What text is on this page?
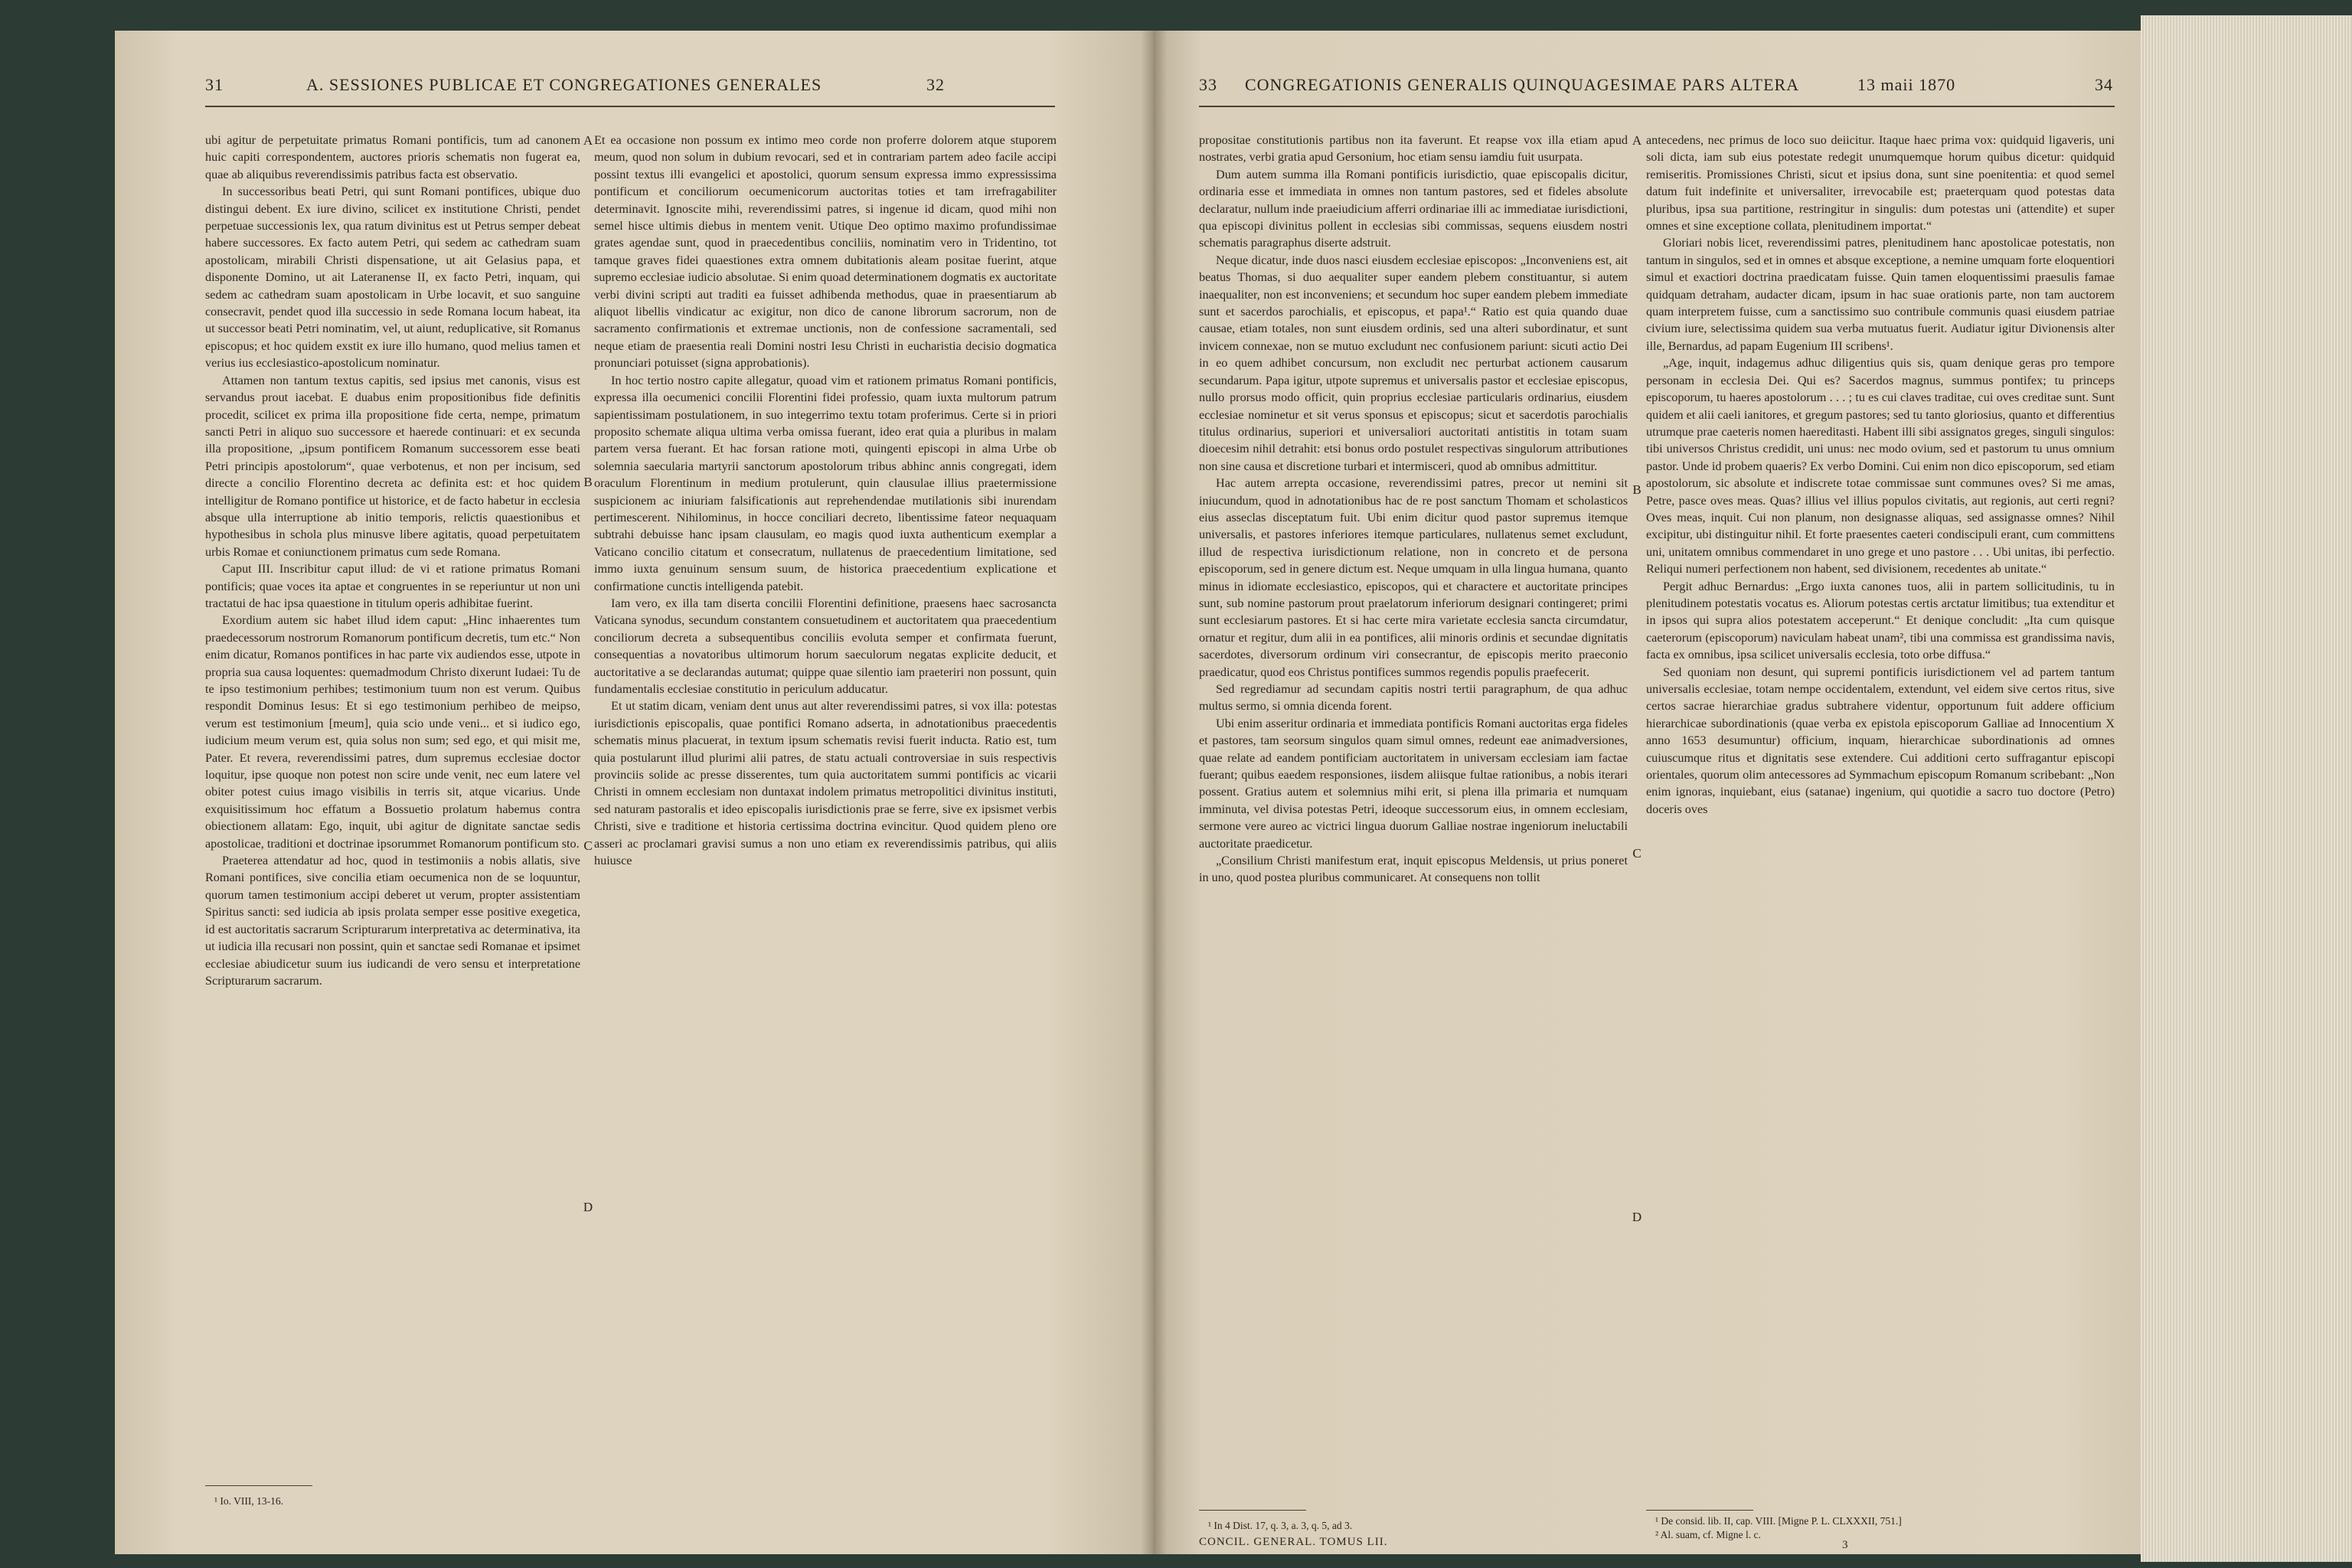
31	A. SESSIONES PUBLICAE ET CONGREGATIONES GENERALES	32

ubi agitur de perpetuitate primatus Romani pontificis, tum ad canonem huic capiti correspondentem, auctores prioris schematis non fugerat ea, quae ab aliquibus reverendissimis patribus facta est observatio.

In successoribus beati Petri, qui sunt Romani pontifices, ubique duo distingui debent. Ex iure divino, scilicet ex institutione Christi, pendet perpetuae successionis lex, qua ratum divinitus est ut Petrus semper debeat habere successores. Ex facto autem Petri, qui sedem ac cathedram suam apostolicam, mirabili Christi dispensatione, ut ait Gelasius papa, et disponente Domino, ut ait Lateranense II, ex facto Petri, inquam, qui sedem ac cathedram suam apostolicam in Urbe locavit, et suo sanguine consecravit, pendet quod illa successio in sede Romana locum habeat, ita ut successor beati Petri nominatim, vel, ut aiunt, reduplicative, sit Romanus episcopus; et hoc quidem exstit ex iure illo humano, quod melius tamen et verius ius ecclesiastico-apostolicum nominatur.

Attamen non tantum textus capitis, sed ipsius met canonis, visus est servandus prout iacebat. E duabus enim propositionibus fide definitis procedit, scilicet ex prima illa propositione fide certa, nempe, primatum sancti Petri in aliquo suo successore et haerede continuari: et ex secunda illa propositione, „ipsum pontificem Romanum successorem esse beati Petri principis apostolorum“, quae verbotenus, et non per incisum, sed directe a concilio Florentino decreta ac definita est: et hoc quidem intelligitur de Romano pontifice ut historice, et de facto habetur in ecclesia absque ulla interruptione ab initio temporis, relictis quaestionibus et hypothesibus in schola plus minusve libere agitatis, quoad perpetuitatem urbis Romae et coniunctionem primatus cum sede Romana.

Caput III. Inscribitur caput illud: de vi et ratione primatus Romani pontificis; quae voces ita aptae et congruentes in se reperiuntur ut non uni tractatui de hac ipsa quaestione in titulum operis adhibitae fuerint.

Exordium autem sic habet illud idem caput: „Hinc inhaerentes tum praedecessorum nostrorum Romanorum pontificum decretis, tum etc.“ Non enim dicatur, Romanos pontifices in hac parte vix audiendos esse, utpote in propria sua causa loquentes: quemadmodum Christo dixerunt Iudaei: Tu de te ipso testimonium perhibes; testimonium tuum non est verum. Quibus respondit Dominus Iesus: Et si ego testimonium perhibeo de meipso, verum est testimonium [meum], quia scio unde veni... et si iudico ego, iudicium meum verum est, quia solus non sum; sed ego, et qui misit me, Pater. Et revera, reverendissimi patres, dum supremus ecclesiae doctor loquitur, ipse quoque non potest non scire unde venit, nec eum latere vel obiter potest cuius imago visibilis in terris sit, atque vicarius. Unde exquisitissimum hoc effatum a Bossuetio prolatum habemus contra obiectionem allatam: Ego, inquit, ubi agitur de dignitate sanctae sedis apostolicae, traditioni et doctrinae ipsorummet Romanorum pontificum sto.

Praeterea attendatur ad hoc, quod in testimoniis a nobis allatis, sive Romani pontifices, sive concilia etiam oecumenica non de se loquuntur, quorum tamen testimonium accipi deberet ut verum, propter assistentiam Spiritus sancti: sed iudicia ab ipsis prolata semper esse positive exegetica, id est auctoritatis sacrarum Scripturarum interpretativa ac determinativa, ita ut iudicia illa recusari non possint, quin et sanctae sedi Romanae et ipsimet ecclesiae abiudicetur suum ius iudicandi de vero sensu et interpretatione Scripturarum sacrarum.

Et ea occasione non possum ex intimo meo corde non proferre dolorem atque stuporem meum, quod non solum in dubium revocari, sed et in contrariam partem adeo facile accipi possint textus illi evangelici et apostolici, quorum sensum expressa immo expressissima pontificum et conciliorum oecumenicorum auctoritas toties et tam irrefragabiliter determinavit. Ignoscite mihi, reverendissimi patres, si ingenue id dicam, quod mihi non semel hisce ultimis diebus in mentem venit. Utique Deo optimo maximo profundissimae grates agendae sunt, quod in praecedentibus conciliis, nominatim vero in Tridentino, tot tamque graves fidei quaestiones extra omnem dubitationis aleam positae fuerint, atque supremo ecclesiae iudicio absolutae. Si enim quoad determinationem dogmatis ex auctoritate verbi divini scripti aut traditi ea fuisset adhibenda methodus, quae in praesentiarum ab aliquot libellis vindicatur ac exigitur, non dico de canone librorum sacrorum, non de sacramento confirmationis et extremae unctionis, non de confessione sacramentali, sed neque etiam de praesentia reali Domini nostri Iesu Christi in eucharistia decisio dogmatica pronunciari potuisset (signa approbationis).

In hoc tertio nostro capite allegatur, quoad vim et rationem primatus Romani pontificis, expressa illa oecumenici concilii Florentini fidei professio, quam iuxta multorum patrum sapientissimam postulationem, in suo integerrimo textu totam proferimus. Certe si in priori proposito schemate aliqua ultima verba omissa fuerant, ideo erat quia a pluribus in malam partem versa fuerant. Et hac forsan ratione moti, quingenti episcopi in alma Urbe ob solemnia saecularia martyrii sanctorum apostolorum tribus abhinc annis congregati, idem oraculum Florentinum in medium protulerunt, quin clausulae illius praetermissione suspicionem ac iniuriam falsificationis aut reprehendendae mutilationis sibi inurendam pertimescerent. Nihilominus, in hocce conciliari decreto, libentissime fateor nequaquam subtrahi debuisse hanc ipsam clausulam, eo magis quod iuxta authenticum exemplar a Vaticano concilio citatum et consecratum, nullatenus de praecedentium limitatione, sed immo iuxta genuinum sensum suum, de historica praecedentium explicatione et confirmatione cunctis intelligenda patebit.

Iam vero, ex illa tam diserta concilii Florentini definitione, praesens haec sacrosancta Vaticana synodus, secundum constantem consuetudinem et auctoritatem qua praecedentium conciliorum decreta a subsequentibus conciliis evoluta semper et confirmata fuerunt, consequentias a novatoribus ultimorum horum saeculorum negatas explicite deducit, et auctoritative a se declarandas autumat; quippe quae silentio iam praeteriri non possunt, quin fundamentalis ecclesiae constitutio in periculum adducatur.

Et ut statim dicam, veniam dent unus aut alter reverendissimi patres, si vox illa: potestas iurisdictionis episcopalis, quae pontifici Romano adserta, in adnotationibus praecedentis schematis minus placuerat, in textum ipsum schematis revisi fuerit inducta. Ratio est, tum quia postularunt illud plurimi alii patres, de statu actuali controversiae in suis respectivis provinciis solide ac presse disserentes, tum quia auctoritatem summi pontificis ac vicarii Christi in omnem ecclesiam non duntaxat indolem primatus metropolitici divinitus instituti, sed naturam pastoralis et ideo episcopalis iurisdictionis prae se ferre, sive ex ipsismet verbis Christi, sive e traditione et historia certissima doctrina evincitur. Quod quidem pleno ore asseri ac proclamari gravisi sumus a non uno etiam ex reverendissimis patribus, qui aliis huiusce

A
B
C
D
¹ Io. VIII, 13-16.
33 CONGREGATIONIS GENERALIS QUINQUAGESIMAE PARS ALTERA	13 maii 1870	34

propositae constitutionis partibus non ita faverunt. Et reapse vox illa etiam apud nostrates, verbi gratia apud Gersonium, hoc etiam sensu iamdiu fuit usurpata.

Dum autem summa illa Romani pontificis iurisdictio, quae episcopalis dicitur, ordinaria esse et immediata in omnes non tantum pastores, sed et fideles absolute declaratur, nullum inde praeiudicium afferri ordinariae illi ac immediatae iurisdictioni, qua episcopi divinitus pollent in ecclesias sibi commissas, sequens eiusdem nostri schematis paragraphus diserte adstruit.

Neque dicatur, inde duos nasci eiusdem ecclesiae episcopos: „Inconveniens est, ait beatus Thomas, si duo aequaliter super eandem plebem constituantur, si autem inaequaliter, non est inconveniens; et secundum hoc super eandem plebem immediate sunt et sacerdos parochialis, et episcopus, et papa¹.“ Ratio est quia quando duae causae, etiam totales, non sunt eiusdem ordinis, sed una alteri subordinatur, et sunt invicem connexae, non se mutuo excludunt nec confusionem pariunt: sicuti actio Dei in eo quem adhibet concursum, non excludit nec perturbat actionem causarum secundarum. Papa igitur, utpote supremus et universalis pastor et ecclesiae episcopus, nullo prorsus modo officit, quin proprius ecclesiae particularis ordinarius, eiusdem ecclesiae nominetur et sit verus sponsus et episcopus; sicut et sacerdotis parochialis titulus ordinarius, superiori et universaliori auctoritati antistitis in totam suam dioecesim nihil detrahit: etsi bonus ordo postulet respectivas singulorum attributiones non sine causa et discretione turbari et intermisceri, quod ab omnibus admittitur.

Hac autem arrepta occasione, reverendissimi patres, precor ut nemini sit iniucundum, quod in adnotationibus hac de re post sanctum Thomam et scholasticos eius asseclas disceptatum fuit. Ubi enim dicitur quod pastor supremus itemque universalis, et pastores inferiores itemque particulares, nullatenus semet excludunt, illud de respectiva iurisdictionum relatione, non in concreto et de persona episcoporum, sed in genere dictum est. Neque umquam in ulla lingua humana, quanto minus in idiomate ecclesiastico, episcopos, qui et charactere et auctoritate principes sunt, sub nomine pastorum prout praelatorum inferiorum designari contingeret; primi sunt ecclesiarum pastores. Et si hac certe mira varietate ecclesia sancta circumdatur, ornatur et regitur, dum alii in ea pontifices, alii minoris ordinis et secundae dignitatis sacerdotes, diversorum ordinum viri consecrantur, de episcopis merito praeconio praedicatur, quod eos Christus pontifices summos regendis populis praefecerit.

Sed regrediamur ad secundam capitis nostri tertii paragraphum, de qua adhuc multus sermo, si omnia dicenda forent.

Ubi enim asseritur ordinaria et immediata pontificis Romani auctoritas erga fideles et pastores, tam seorsum singulos quam simul omnes, redeunt eae animadversiones, quae relate ad eandem pontificiam auctoritatem in universam ecclesiam iam factae fuerant; quibus eaedem responsiones, iisdem aliisque fultae rationibus, a nobis iterari possent. Gratius autem et solemnius mihi erit, si plena illa primaria et numquam imminuta, vel divisa potestas Petri, ideoque successorum eius, in omnem ecclesiam, sermone vere aureo ac victrici lingua duorum Galliae nostrae ingeniorum ineluctabili auctoritate praedicetur.

„Consilium Christi manifestum erat, inquit episcopus Meldensis, ut prius poneret in uno, quod postea pluribus communicaret. At consequens non tollit

antecedens, nec primus de loco suo deiicitur. Itaque haec prima vox: quidquid ligaveris, uni soli dicta, iam sub eius potestate redegit unumquemque horum quibus dicetur: quidquid remiseritis. Promissiones Christi, sicut et ipsius dona, sunt sine poenitentia: et quod semel datum fuit indefinite et universaliter, irrevocabile est; praeterquam quod potestas data pluribus, ipsa sua partitione, restringitur in singulis: dum potestas uni (attendite) et super omnes et sine exceptione collata, plenitudinem importat.“

Gloriari nobis licet, reverendissimi patres, plenitudinem hanc apostolicae potestatis, non tantum in singulos, sed et in omnes et absque exceptione, a nemine umquam forte eloquentiori simul et exactiori doctrina praedicatam fuisse. Quin tamen eloquentissimi praesulis famae quidquam detraham, audacter dicam, ipsum in hac suae orationis parte, non tam auctorem quam interpretem fuisse, cum a sanctissimo suo contribule communis quasi eiusdem patriae civium iure, selectissima quidem sua verba mutuatus fuerit. Audiatur igitur Divionensis alter ille, Bernardus, ad papam Eugenium III scribens¹.

„Age, inquit, indagemus adhuc diligentius quis sis, quam denique geras pro tempore personam in ecclesia Dei. Qui es? Sacerdos magnus, summus pontifex; tu princeps episcoporum, tu haeres apostolorum . . . ; tu es cui claves traditae, cui oves creditae sunt. Sunt quidem et alii caeli ianitores, et gregum pastores; sed tu tanto gloriosius, quanto et differentius utrumque prae caeteris nomen haereditasti. Habent illi sibi assignatos greges, singuli singulos: tibi universos Christus credidit, uni unus: nec modo ovium, sed et pastorum tu unus omnium pastor. Unde id probem quaeris? Ex verbo Domini. Cui enim non dico episcoporum, sed etiam apostolorum, sic absolute et indiscrete totae commissae sunt communes oves? Si me amas, Petre, pasce oves meas. Quas? illius vel illius populos civitatis, aut regionis, aut certi regni? Oves meas, inquit. Cui non planum, non designasse aliquas, sed assignasse omnes? Nihil excipitur, ubi distinguitur nihil. Et forte praesentes caeteri condiscipuli erant, cum committens uni, unitatem omnibus commendaret in uno grege et uno pastore . . . Ubi unitas, ibi perfectio. Reliqui numeri perfectionem non habent, sed divisionem, recedentes ab unitate.“

Pergit adhuc Bernardus: „Ergo iuxta canones tuos, alii in partem sollicitudinis, tu in plenitudinem potestatis vocatus es. Aliorum potestas certis arctatur limitibus; tua extenditur et in ipsos qui supra alios potestatem acceperunt.“ Et denique concludit: „Ita cum quisque caeterorum (episcoporum) naviculam habeat unam², tibi una commissa est grandissima navis, facta ex omnibus, ipsa scilicet universalis ecclesia, toto orbe diffusa.“

Sed quoniam non desunt, qui supremi pontificis iurisdictionem vel ad partem tantum universalis ecclesiae, totam nempe occidentalem, extendunt, vel eidem sive certos ritus, sive certos sacrae hierarchiae gradus subtrahere videntur, opportunum fuit addere officium hierarchicae subordinationis (quae verba ex epistola episcoporum Galliae ad Innocentium X anno 1653 desumuntur) officium, inquam, hierarchicae subordinationis ad omnes cuiuscumque ritus et dignitatis sese extendere. Cui additioni certo suffragantur episcopi orientales, quorum olim antecessores ad Symmachum episcopum Romanum scribebant: „Non enim ignoras, inquiebant, eius (satanae) ingenium, qui quotidie a sacro tuo doctore (Petro) doceris oves

A
B
C
D
¹ In 4 Dist. 17, q. 3, a. 3, q. 5, ad 3.
CONCIL. GENERAL. TOMUS LII.

¹ De consid. lib. II, cap. VIII. [Migne P. L. CLXXXII, 751.]

² Al. suam, cf. Migne l. c.

3
